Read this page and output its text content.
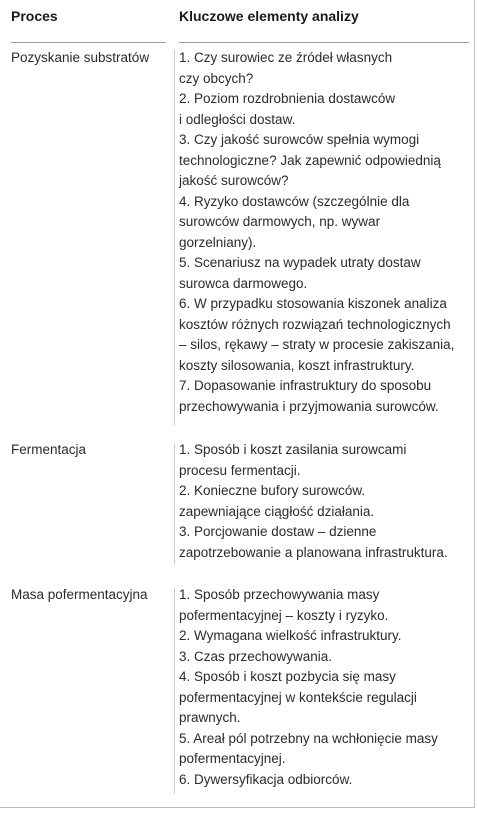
Proces	Kluczowe elementy analizy
Pozyskanie substratów 1. Czy surowiec ze źródeł własnych
czy obcych?
2. Poziom rozdrobnienia dostawców
i odległości dostaw.
3. Czy jakość surowców spełnia wymogi
technologiczne? Jak zapewnić odpowiednią
jakość surowców?
4. Ryzyko dostawców (szczególnie dla
surowców darmowych, np. wywar
gorzelniany).
5. Scenariusz na wypadek utraty dostaw
surowca darmowego.
6. W przypadku stosowania kiszonek analiza
kosztów różnych rozwiązań technologicznych
– silos, rękawy – straty w procesie zakiszania,
koszty silosowania, koszt infrastruktury.
7. Dopasowanie infrastruktury do sposobu
przechowywania i przyjmowania surowców.
Fermentacja	1. Sposób i koszt zasilania surowcami
procesu fermentacji.
2. Konieczne bufory surowców.
zapewniające ciągłość działania.
3. Porcjowanie dostaw – dzienne
zapotrzebowanie a planowana infrastruktura.
Masa pofermentacyjna 1. Sposób przechowywania masy
pofermentacyjnej – koszty i ryzyko.
2. Wymagana wielkość infrastruktury.
3. Czas przechowywania.
4. Sposób i koszt pozbycia się masy
pofermentacyjnej w kontekście regulacji
prawnych.
5. Areał pól potrzebny na wchłonięcie masy
pofermentacyjnej.
6. Dywersyfikacja odbiorców.
